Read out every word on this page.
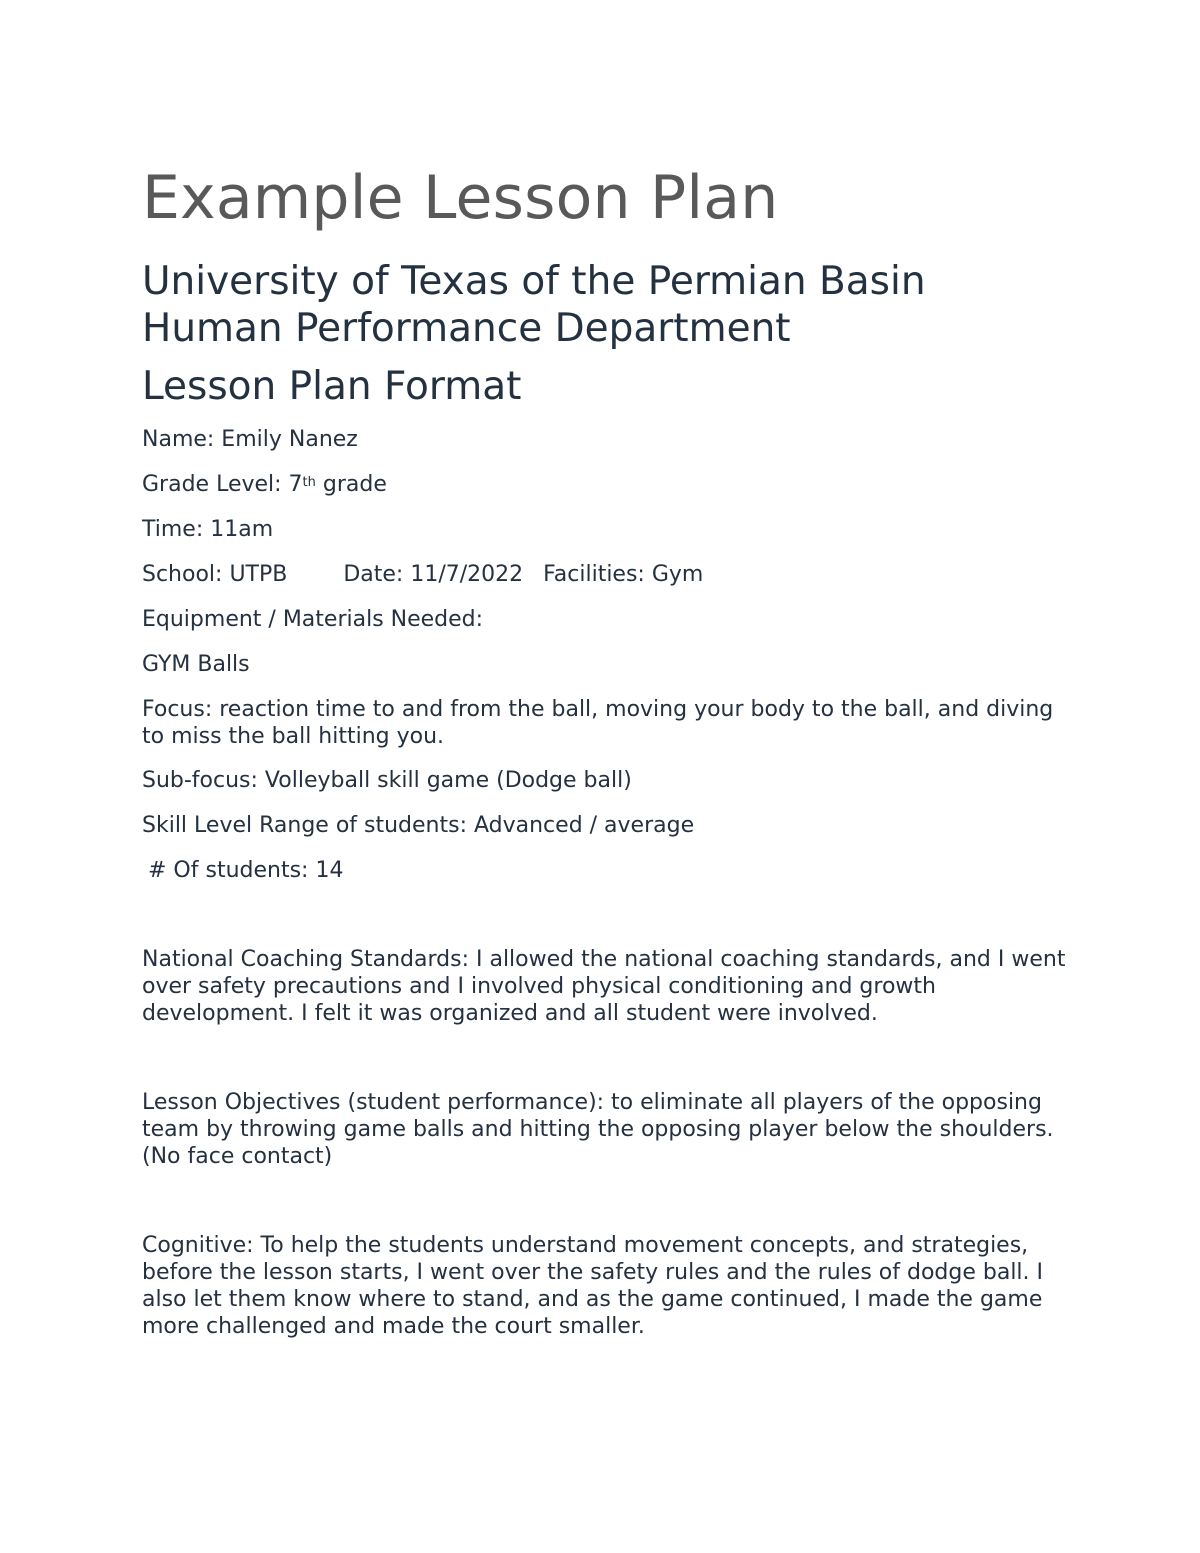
Example Lesson Plan
University of Texas of the Permian Basin
Human Performance Department
Lesson Plan Format

Name: Emily Nanez

Grade Level: 7th grade

Time: 11am

School: UTPB	Date: 11/7/2022 Facilities: Gym

Equipment / Materials Needed:

GYM Balls

Focus: reaction time to and from the ball, moving your body to the ball, and diving to miss the ball hitting you.

Sub-focus: Volleyball skill game (Dodge ball)

Skill Level Range of students: Advanced / average

# Of students: 14

National Coaching Standards: I allowed the national coaching standards, and I went over safety precautions and I involved physical conditioning and growth development. I felt it was organized and all student were involved.

Lesson Objectives (student performance): to eliminate all players of the opposing team by throwing game balls and hitting the opposing player below the shoulders. (No face contact)

Cognitive: To help the students understand movement concepts, and strategies, before the lesson starts, I went over the safety rules and the rules of dodge ball. I also let them know where to stand, and as the game continued, I made the game more challenged and made the court smaller.
